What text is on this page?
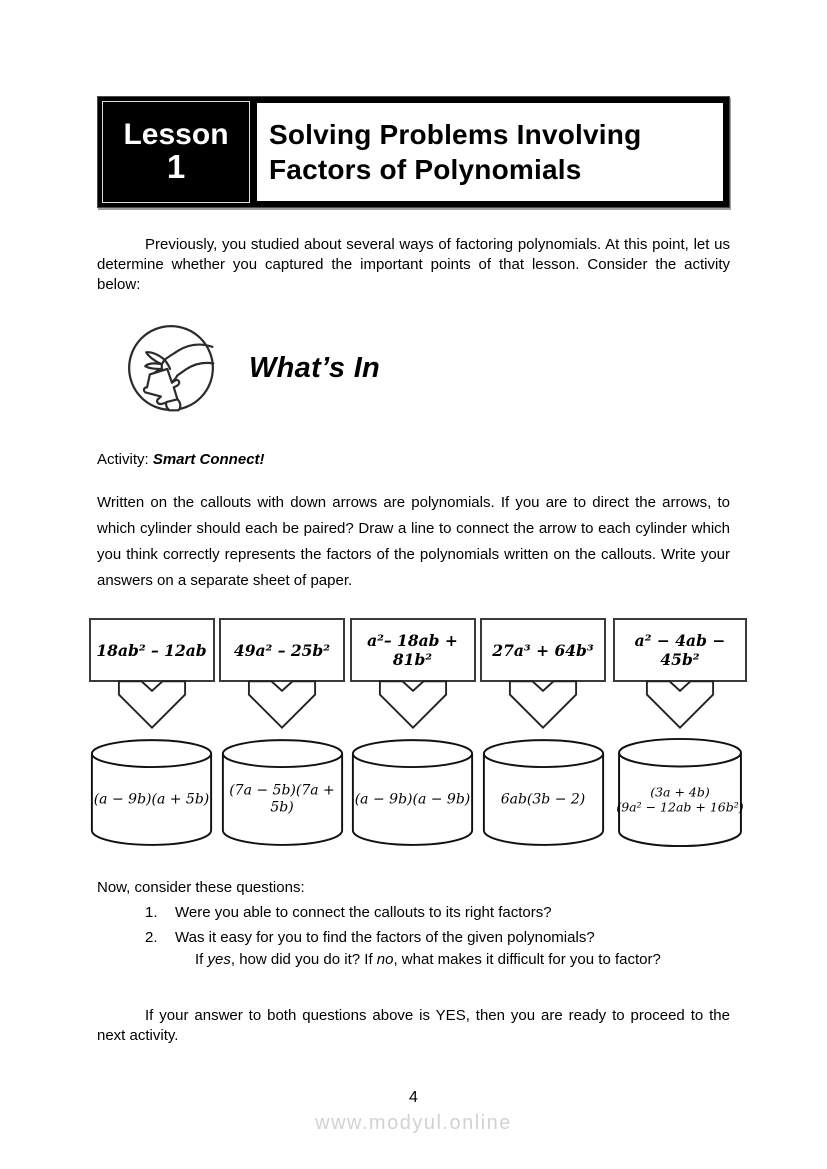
Lesson
1
Solving Problems Involving
Factors of Polynomials

Previously, you studied about several ways of factoring polynomials. At this point, let us determine whether you captured the important points of that lesson. Consider the activity below:

What’s In

Activity: Smart Connect!

Written on the callouts with down arrows are polynomials. If you are to direct the arrows, to which cylinder should each be paired? Draw a line to connect the arrow to each cylinder which you think correctly represents the factors of the polynomials written on the callouts. Write your answers on a separate sheet of paper.

18ab² – 12ab
(a − 9b)(a + 5b)
49a² – 25b²
(7a − 5b)(7a + 5b)
a²– 18ab + 81b²
(a − 9b)(a − 9b)
27a³ + 64b³
6ab(3b − 2)
a² − 4ab − 45b²
(3a + 4b)
(9a² − 12ab + 16b²)

Now, consider these questions:

1.	Were you able to connect the callouts to its right factors?
2.	Was it easy for you to find the factors of the given polynomials?

If yes, how did you do it? If no, what makes it difficult for you to factor?

If your answer to both questions above is YES, then you are ready to proceed to the next activity.

4
www.modyul.online
